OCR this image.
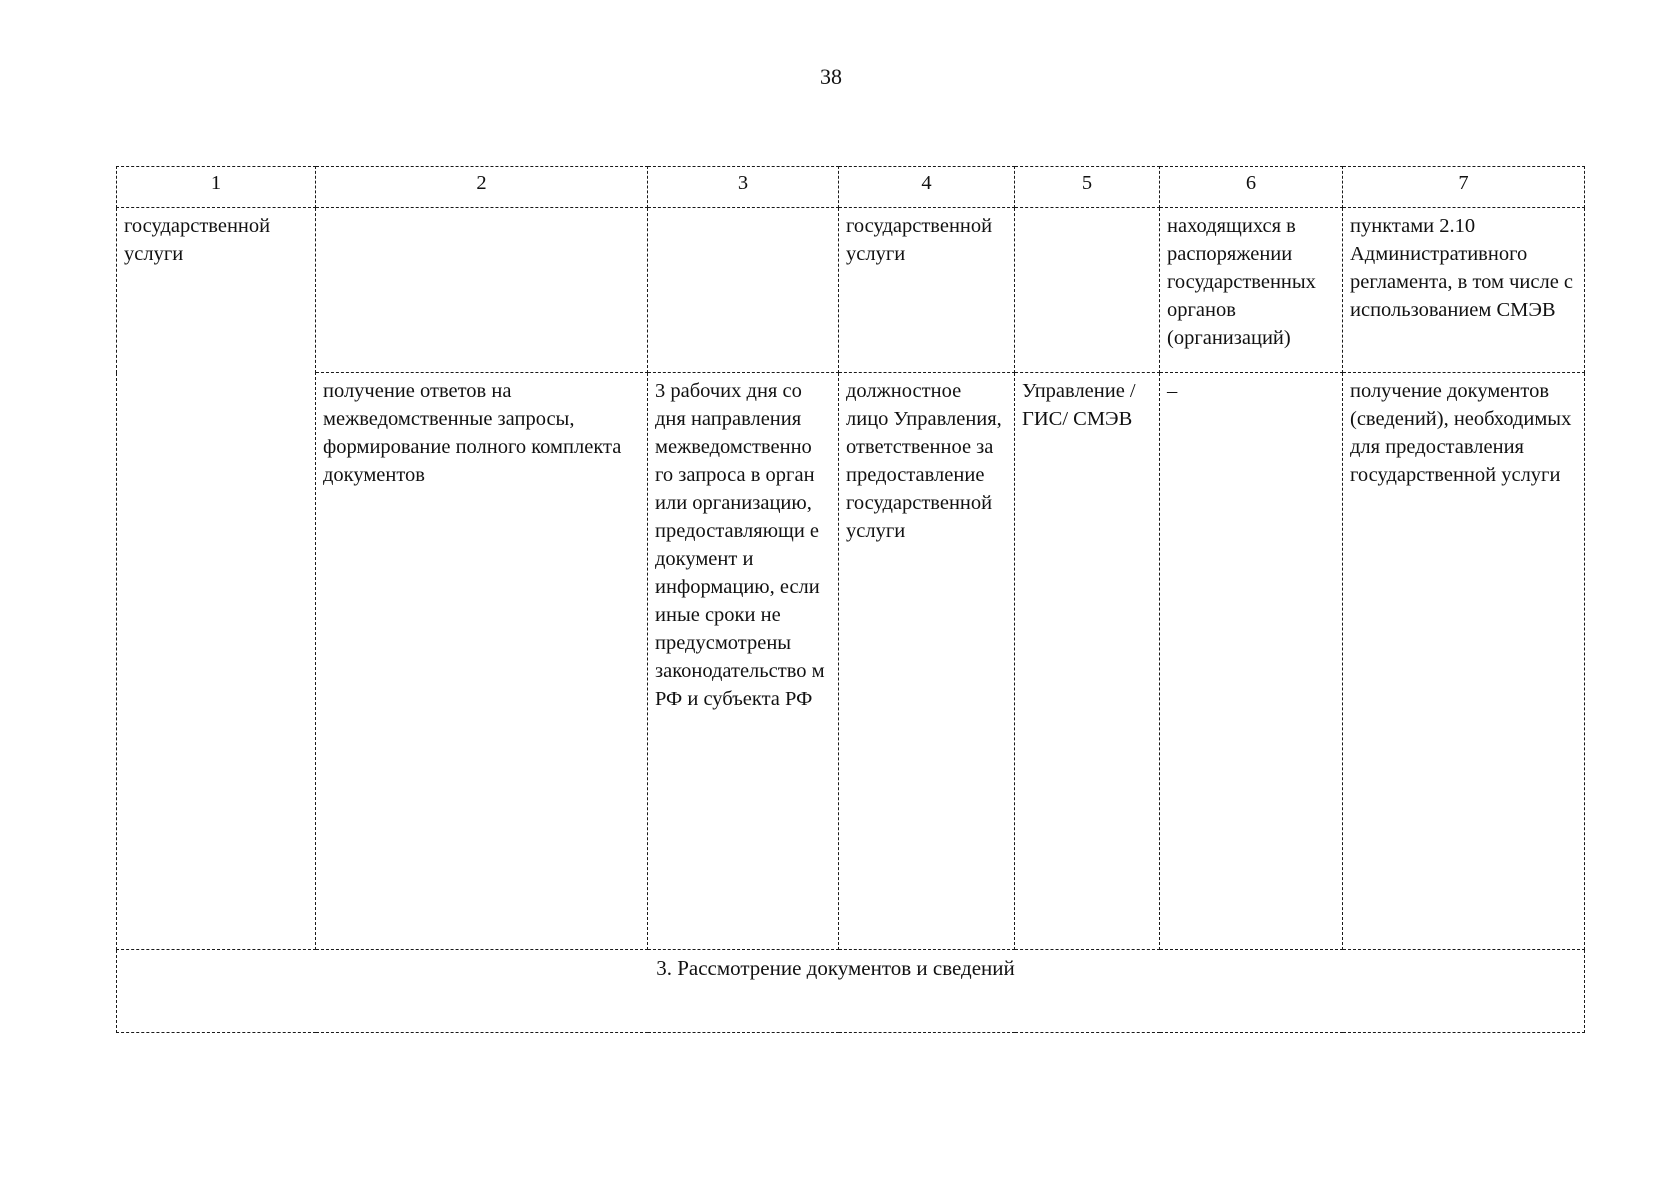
38
1	2	3	4	5	6	7

государственной услуги			государственной услуги		находящихся в распоряжении государственных органов (организаций)	пунктами 2.10 Административного регламента, в том числе с использованием СМЭВ

	получение ответов на межведомственные запросы, формирование полного комплекта документов	3 рабочих дня со дня направления межведомственно го запроса в орган или организацию, предоставляющи е документ и информацию, если иные сроки не предусмотрены законодательство м РФ и субъекта РФ	должностное лицо Управления, ответственное за предоставление государственной услуги	Управление /ГИС/ СМЭВ	–	получение документов (сведений), необходимых для предоставления государственной услуги

3. Рассмотрение документов и сведений						
